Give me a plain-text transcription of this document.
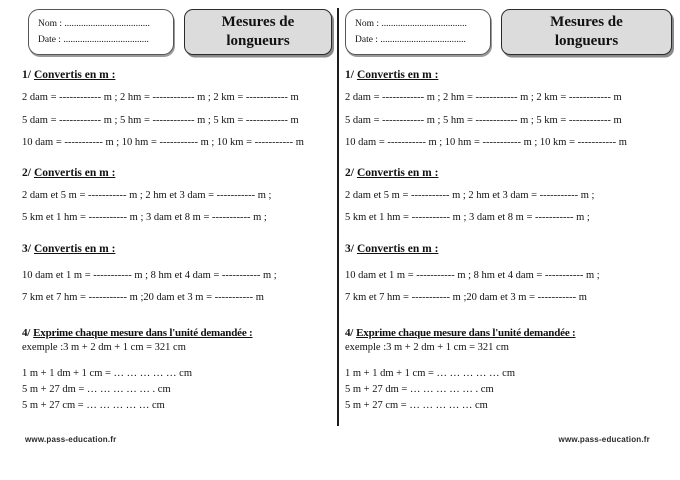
Nom : ....................................
Date : ....................................
Mesures de
longueurs
1/ Convertis en m :
2 dam = ------------ m ; 2 hm = ------------ m ; 2 km = ------------ m
5 dam = ------------ m ; 5 hm = ------------ m ; 5 km = ------------ m
10 dam = ----------- m ; 10 hm = ----------- m ; 10 km = ----------- m
2/ Convertis en m :
2 dam et 5 m = ----------- m ; 2 hm et 3 dam = ----------- m ;
5 km et 1 hm = ----------- m ; 3 dam et 8 m = ----------- m ;
3/ Convertis en m :
10 dam et 1 m = ----------- m ; 8 hm et 4 dam = ----------- m ;
7 km et 7 hm = ----------- m ;20 dam et 3 m = ----------- m
4/ Exprime chaque mesure dans l'unité demandée :
exemple :3 m + 2 dm + 1 cm = 321 cm
1 m + 1 dm + 1 cm = … … … … … cm
5 m + 27 dm = … … … … … . cm
5 m + 27 cm = … … … … … cm
www.pass-education.fr
Nom : ....................................
Date : ....................................
Mesures de
longueurs
1/ Convertis en m :
2 dam = ------------ m ; 2 hm = ------------ m ; 2 km = ------------ m
5 dam = ------------ m ; 5 hm = ------------ m ; 5 km = ------------ m
10 dam = ----------- m ; 10 hm = ----------- m ; 10 km = ----------- m
2/ Convertis en m :
2 dam et 5 m = ----------- m ; 2 hm et 3 dam = ----------- m ;
5 km et 1 hm = ----------- m ; 3 dam et 8 m = ----------- m ;
3/ Convertis en m :
10 dam et 1 m = ----------- m ; 8 hm et 4 dam = ----------- m ;
7 km et 7 hm = ----------- m ;20 dam et 3 m = ----------- m
4/ Exprime chaque mesure dans l'unité demandée :
exemple :3 m + 2 dm + 1 cm = 321 cm
1 m + 1 dm + 1 cm = … … … … … cm
5 m + 27 dm = … … … … … . cm
5 m + 27 cm = … … … … … cm
www.pass-education.fr
